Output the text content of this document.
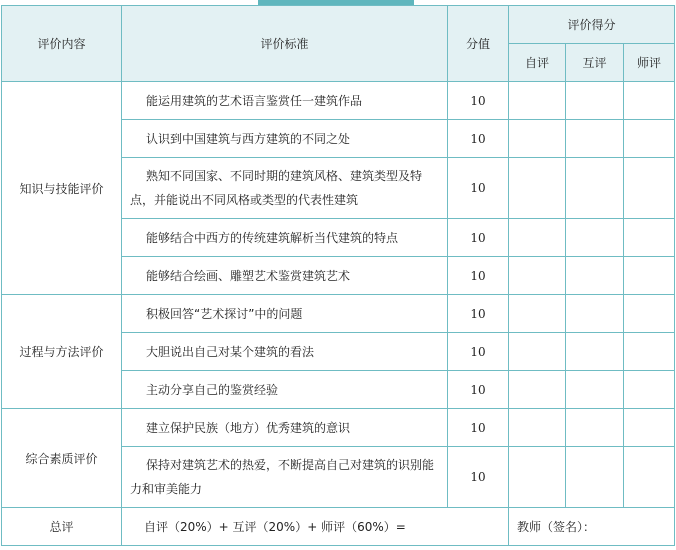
评价内容	评价标准	分值	评价得分		
			自评	互评	师评
知识与技能评价	能运用建筑的艺术语言鉴赏任一建筑作品	10			

	认识到中国建筑与西方建筑的不同之处	10			

	熟知不同国家、不同时期的建筑风格、建筑类型及特点，并能说出不同风格或类型的代表性建筑	10			

	能够结合中西方的传统建筑解析当代建筑的特点	10			

	能够结合绘画、雕塑艺术鉴赏建筑艺术	10			
过程与方法评价	积极回答“艺术探讨”中的问题	10			

	大胆说出自己对某个建筑的看法	10			

	主动分享自己的鉴赏经验	10			
综合素质评价	建立保护民族（地方）优秀建筑的意识	10			

	保持对建筑艺术的热爱，不断提高自己对建筑的识别能力和审美能力	10			
总评	自评（20%）+ 互评（20%）+ 师评（60%）=		教师（签名）：		
